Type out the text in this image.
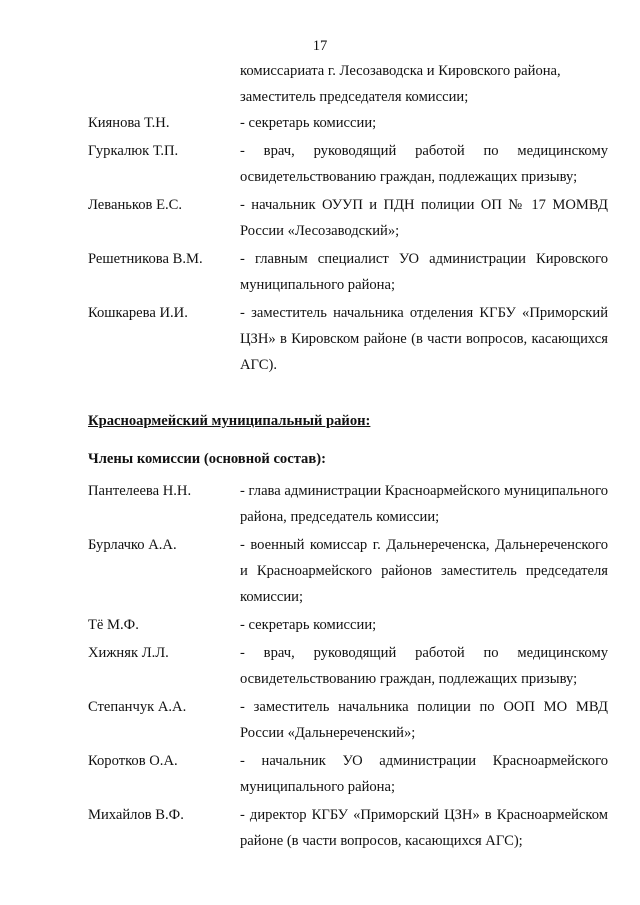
17
комиссариата г. Лесозаводска и Кировского района,
заместитель председателя комиссии;
Киянова Т.Н.	- секретарь комиссии;
Гуркалюк Т.П.	- врач, руководящий работой по медицинскому освидетельствованию граждан, подлежащих призыву;
Леваньков Е.С.	- начальник ОУУП и ПДН полиции ОП № 17 МОМВД России «Лесозаводский»;
Решетникова В.М.	- главным специалист УО администрации Кировского муниципального района;
Кошкарева И.И.	- заместитель начальника отделения КГБУ «Приморский ЦЗН» в Кировском районе (в части вопросов, касающихся АГС).
Красноармейский муниципальный район:
Члены комиссии (основной состав):
Пантелеева Н.Н.	- глава администрации Красноармейского муниципального района, председатель комиссии;
Бурлачко А.А.	- военный комиссар г. Дальнереченска, Дальнереченского и Красноармейского районов заместитель председателя комиссии;
Тё М.Ф.	- секретарь комиссии;
Хижняк Л.Л.	- врач, руководящий работой по медицинскому освидетельствованию граждан, подлежащих призыву;
Степанчук А.А.	- заместитель начальника полиции по ООП МО МВД России «Дальнереченский»;
Коротков О.А.	- начальник УО администрации Красноармейского муниципального района;
Михайлов В.Ф.	- директор КГБУ «Приморский ЦЗН» в Красноармейском районе (в части вопросов, касающихся АГС);
